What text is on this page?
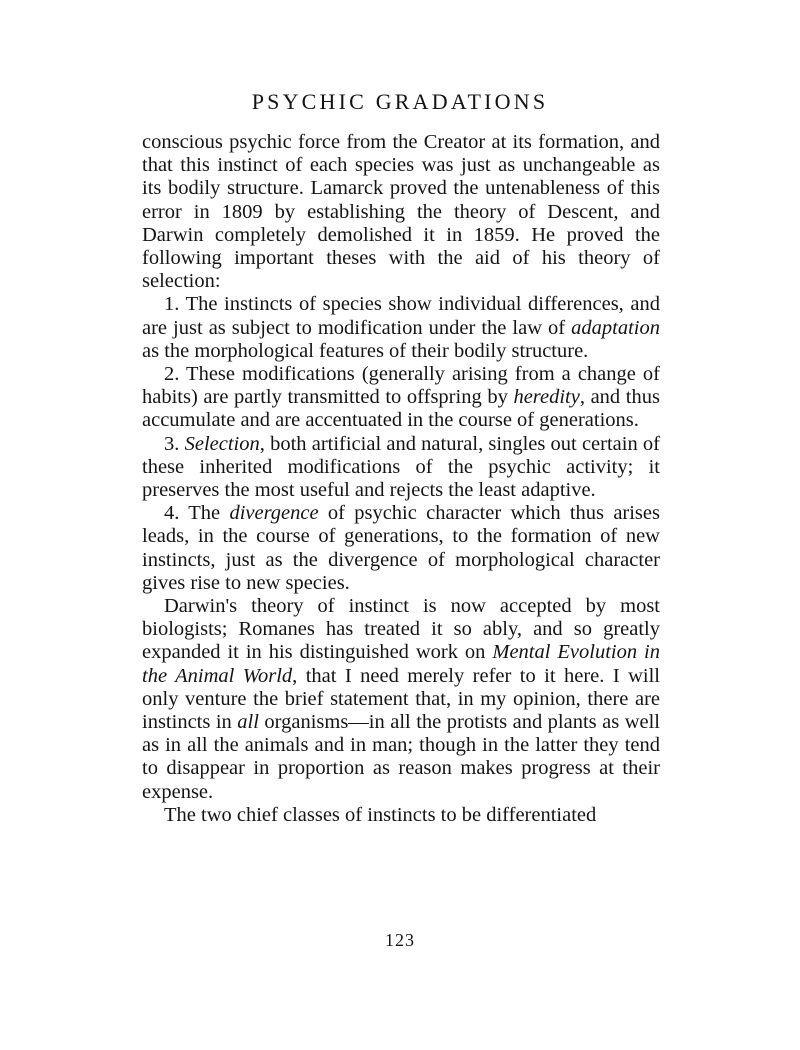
PSYCHIC GRADATIONS

conscious psychic force from the Creator at its formation, and that this instinct of each species was just as unchangeable as its bodily structure. Lamarck proved the untenableness of this error in 1809 by establishing the theory of Descent, and Darwin completely demolished it in 1859. He proved the following important theses with the aid of his theory of selection:

1. The instincts of species show individual differences, and are just as subject to modification under the law of adaptation as the morphological features of their bodily structure.

2. These modifications (generally arising from a change of habits) are partly transmitted to offspring by heredity, and thus accumulate and are accentuated in the course of generations.

3. Selection, both artificial and natural, singles out certain of these inherited modifications of the psychic activity; it preserves the most useful and rejects the least adaptive.

4. The divergence of psychic character which thus arises leads, in the course of generations, to the formation of new instincts, just as the divergence of morphological character gives rise to new species.

Darwin's theory of instinct is now accepted by most biologists; Romanes has treated it so ably, and so greatly expanded it in his distinguished work on Mental Evolution in the Animal World, that I need merely refer to it here. I will only venture the brief statement that, in my opinion, there are instincts in all organisms—in all the protists and plants as well as in all the animals and in man; though in the latter they tend to disappear in proportion as reason makes progress at their expense.

The two chief classes of instincts to be differentiated

123
